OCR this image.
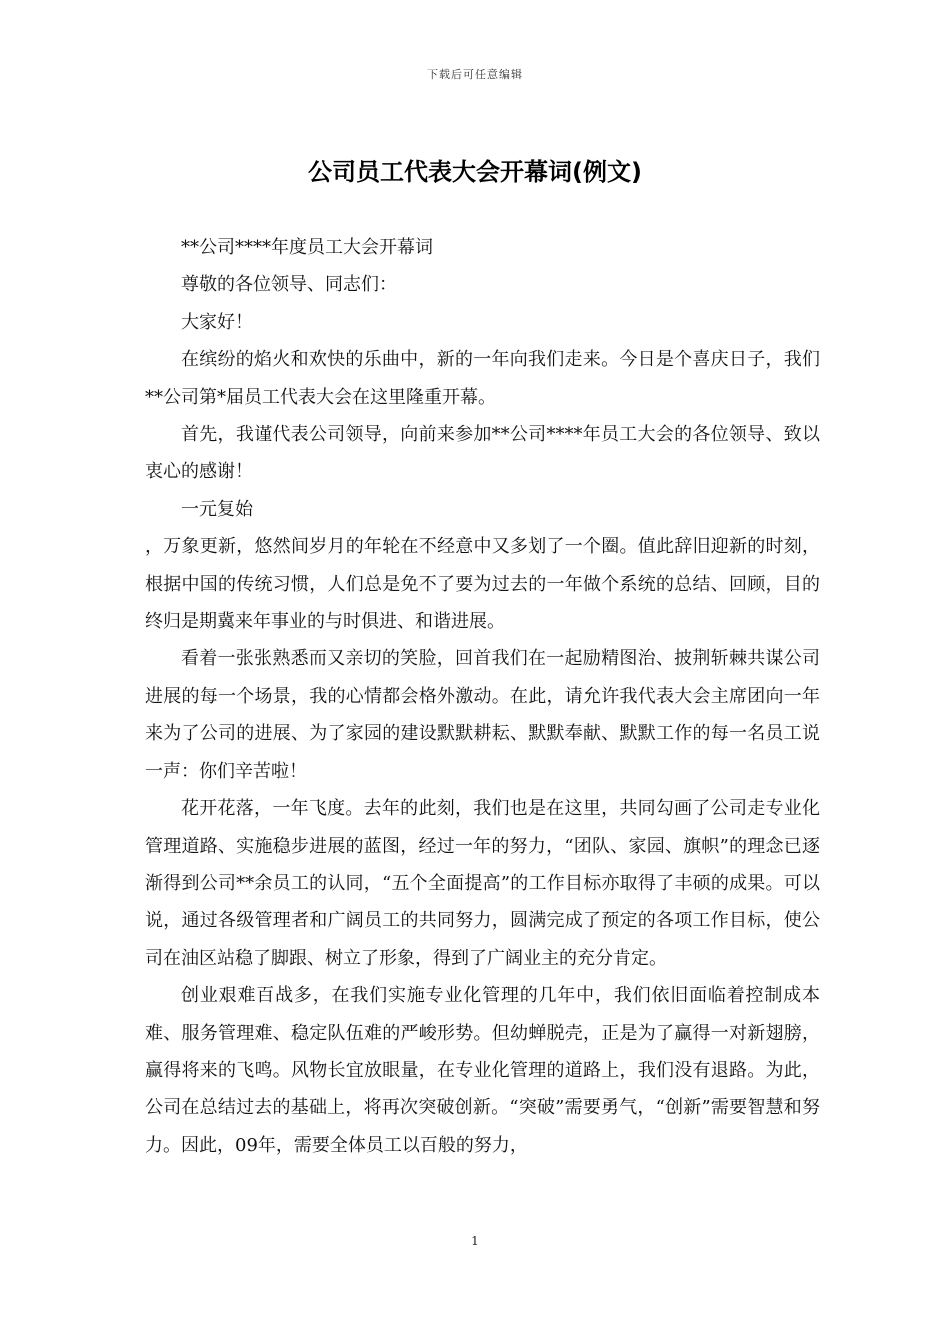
下载后可任意编辑
公司员工代表大会开幕词(例文)

**公司****年度员工大会开幕词

尊敬的各位领导、同志们：

大家好！

在缤纷的焰火和欢快的乐曲中，新的一年向我们走来。今日是个喜庆日子，我们**公司第*届员工代表大会在这里隆重开幕。

首先，我谨代表公司领导，向前来参加**公司****年员工大会的各位领导、致以衷心的感谢！

一元复始

，万象更新，悠然间岁月的年轮在不经意中又多划了一个圈。值此辞旧迎新的时刻，根据中国的传统习惯，人们总是免不了要为过去的一年做个系统的总结、回顾，目的终归是期冀来年事业的与时俱进、和谐进展。

看着一张张熟悉而又亲切的笑脸，回首我们在一起励精图治、披荆斩棘共谋公司进展的每一个场景，我的心情都会格外激动。在此，请允许我代表大会主席团向一年来为了公司的进展、为了家园的建设默默耕耘、默默奉献、默默工作的每一名员工说一声：你们辛苦啦！

花开花落，一年飞度。去年的此刻，我们也是在这里，共同勾画了公司走专业化管理道路、实施稳步进展的蓝图，经过一年的努力，“团队、家园、旗帜”的理念已逐渐得到公司**余员工的认同，“五个全面提高”的工作目标亦取得了丰硕的成果。可以说，通过各级管理者和广阔员工的共同努力，圆满完成了预定的各项工作目标，使公司在油区站稳了脚跟、树立了形象，得到了广阔业主的充分肯定。

创业艰难百战多，在我们实施专业化管理的几年中，我们依旧面临着控制成本难、服务管理难、稳定队伍难的严峻形势。但幼蝉脱壳，正是为了赢得一对新翅膀，赢得将来的飞鸣。风物长宜放眼量，在专业化管理的道路上，我们没有退路。为此，公司在总结过去的基础上，将再次突破创新。“突破”需要勇气，“创新”需要智慧和努力。因此，09年，需要全体员工以百般的努力，

1
